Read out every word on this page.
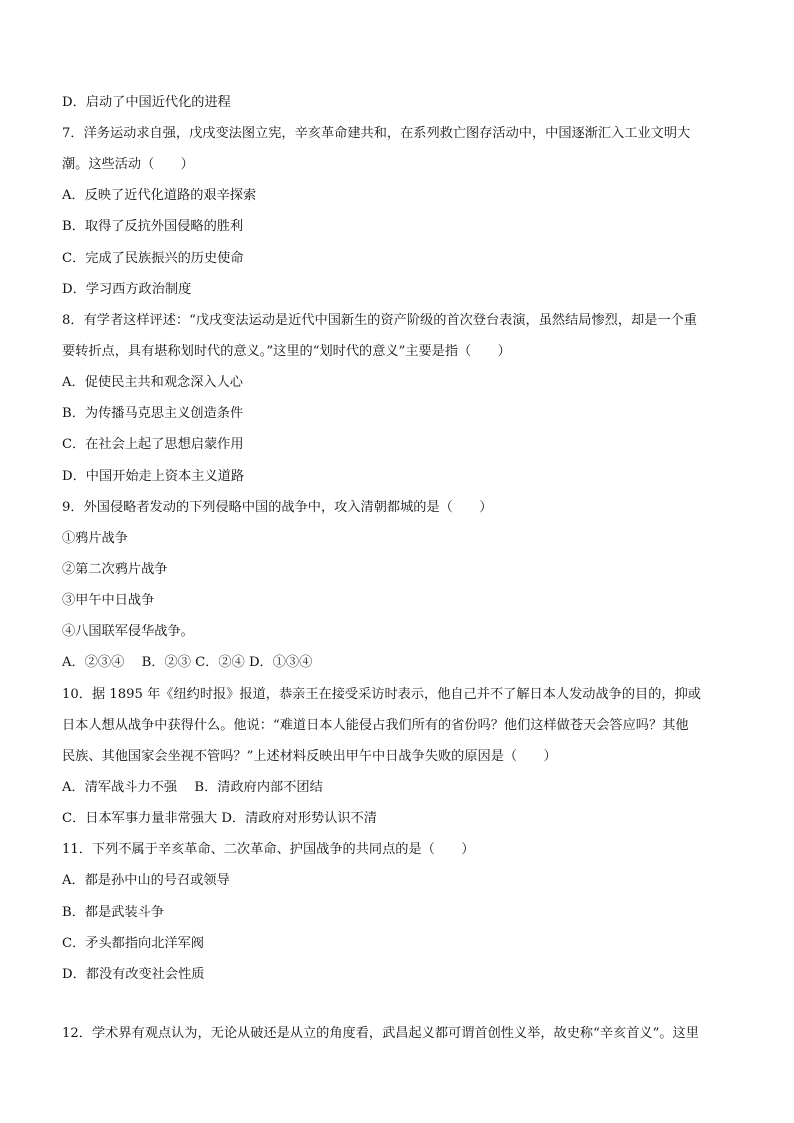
D．启动了中国近代化的进程
7．洋务运动求自强，戊戌变法图立宪，辛亥革命建共和，在系列救亡图存活动中，中国逐渐汇入工业文明大
潮。这些活动（　　）
A．反映了近代化道路的艰辛探索
B．取得了反抗外国侵略的胜利
C．完成了民族振兴的历史使命
D．学习西方政治制度
8．有学者这样评述：“戊戌变法运动是近代中国新生的资产阶级的首次登台表演，虽然结局惨烈，却是一个重
要转折点，具有堪称划时代的意义。”这里的“划时代的意义”主要是指（　　）
A．促使民主共和观念深入人心
B．为传播马克思主义创造条件
C．在社会上起了思想启蒙作用
D．中国开始走上资本主义道路
9．外国侵略者发动的下列侵略中国的战争中，攻入清朝都城的是（　　）
①鸦片战争
②第二次鸦片战争
③甲午中日战争
④八国联军侵华战争。
A．②③④　 B．②③ C．②④ D．①③④
10．据 1895 年《纽约时报》报道，恭亲王在接受采访时表示，他自己并不了解日本人发动战争的目的，抑或
日本人想从战争中获得什么。他说：“难道日本人能侵占我们所有的省份吗？他们这样做苍天会答应吗？其他
民族、其他国家会坐视不管吗？”上述材料反映出甲午中日战争失败的原因是（　　）
A．清军战斗力不强　 B．清政府内部不团结
C．日本军事力量非常强大 D．清政府对形势认识不清
11．下列不属于辛亥革命、二次革命、护国战争的共同点的是（　　）
A．都是孙中山的号召或领导
B．都是武装斗争
C．矛头都指向北洋军阀
D．都没有改变社会性质
12．学术界有观点认为，无论从破还是从立的角度看，武昌起义都可谓首创性义举，故史称“辛亥首义”。这里
